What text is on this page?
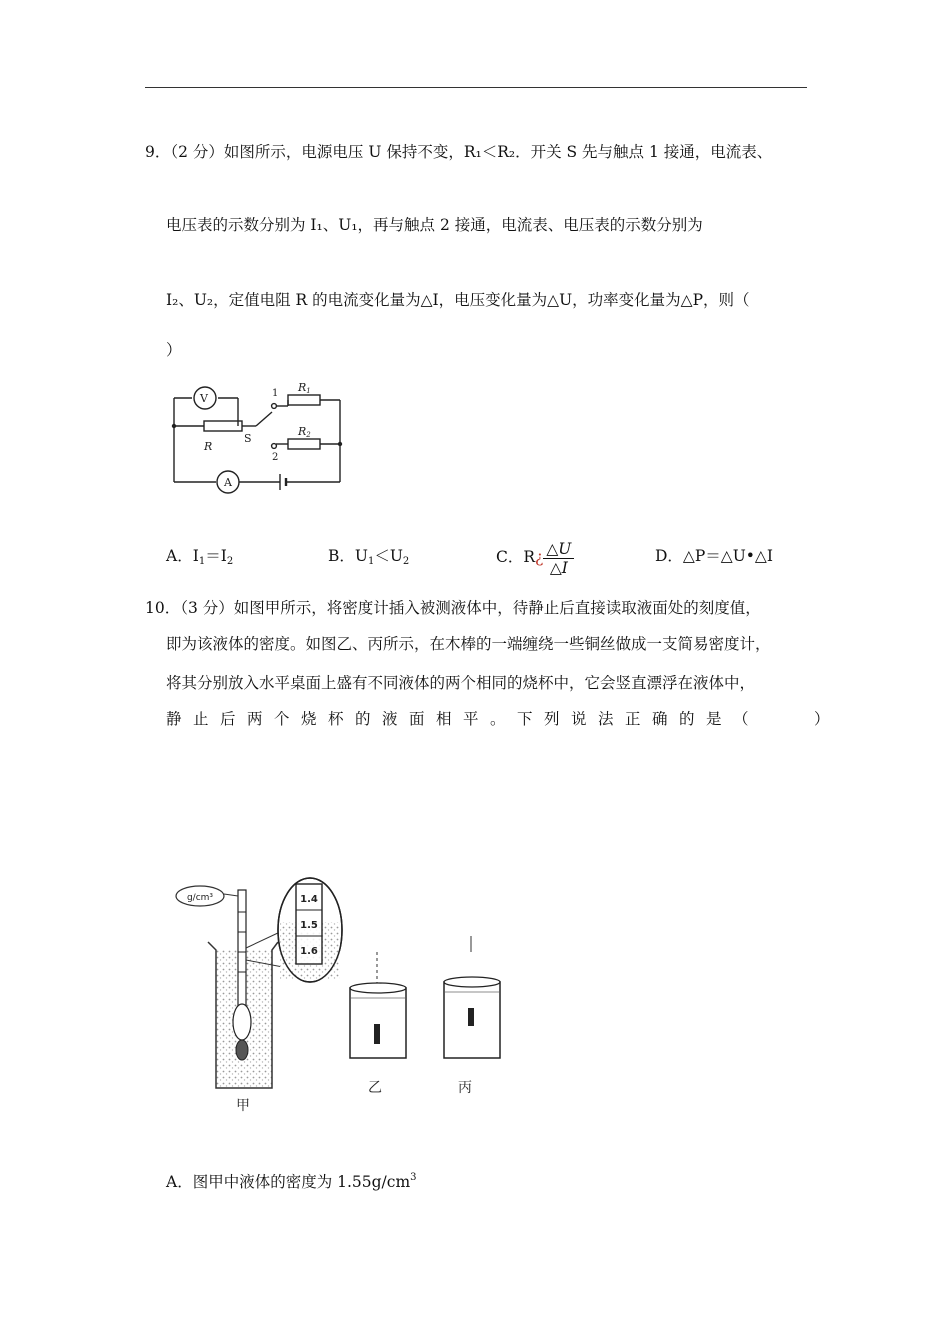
9．（2 分）如图所示，电源电压 U 保持不变，R₁＜R₂．开关 S 先与触点 1 接通，电流表、
电压表的示数分别为 I₁、U₁，再与触点 2 接通，电流表、电压表的示数分别为
I₂、U₂，定值电阻 R 的电流变化量为△I，电压变化量为△U，功率变化量为△P，则（
）
V
A
R
S
1
2
R1
R2
A．$I_1=I_2$	B．$U_1<U_2$	C．R¿ $\frac{\triangle U}{\triangle I}$	D．△P＝△U•△I
10．（3 分）如图甲所示，将密度计插入被测液体中，待静止后直接读取液面处的刻度值，
即为该液体的密度。如图乙、丙所示，在木棒的一端缠绕一些铜丝做成一支简易密度计，
将其分别放入水平桌面上盛有不同液体的两个相同的烧杯中，它会竖直漂浮在液体中，
静止后两个烧杯的液面相平。下列说法正确的是（　　）
g/cm³	1.4
1.5
1.6
甲
乙	丙
A．图甲中液体的密度为 $1.55g/cm^3$
